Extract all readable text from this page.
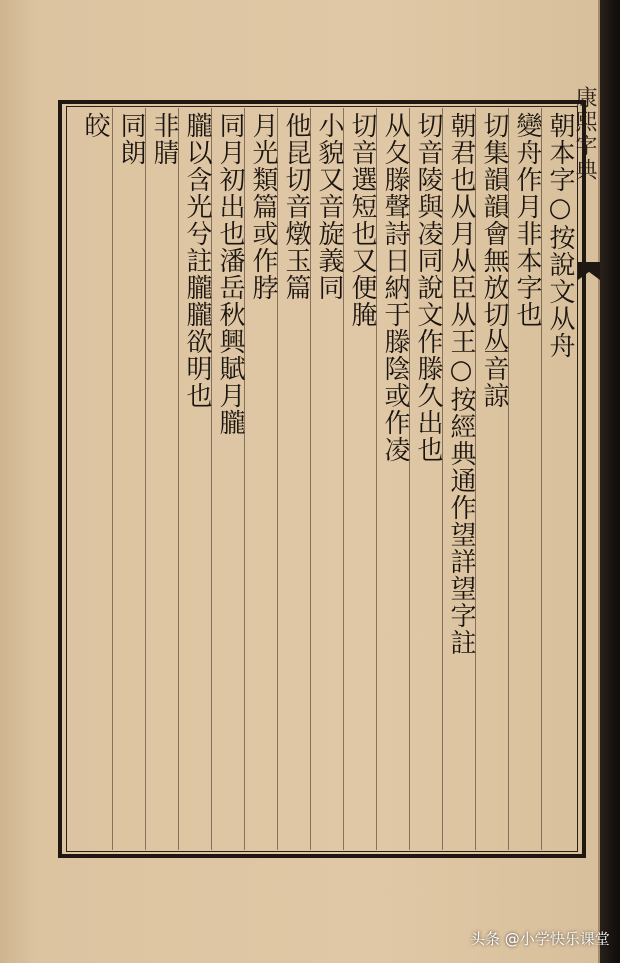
康熙字典
朝本字○按說文从舟
變舟作月非本字也
切集韻韻會無放切丛音諒
朝君也从月从臣从王○按經典通作望詳望字註
切音陵與凌同說文作滕久出也
从夂滕聲詩日納于滕陰或作凌
切音選短也又便腌
小貌又音旋義同
他昆切音燉玉篇
月光類篇或作脖
同月初出也潘岳秋興賦月朧
朧以含光兮註朧朧欲明也
非腈
同朗
皎
头条 @小学快乐课堂
